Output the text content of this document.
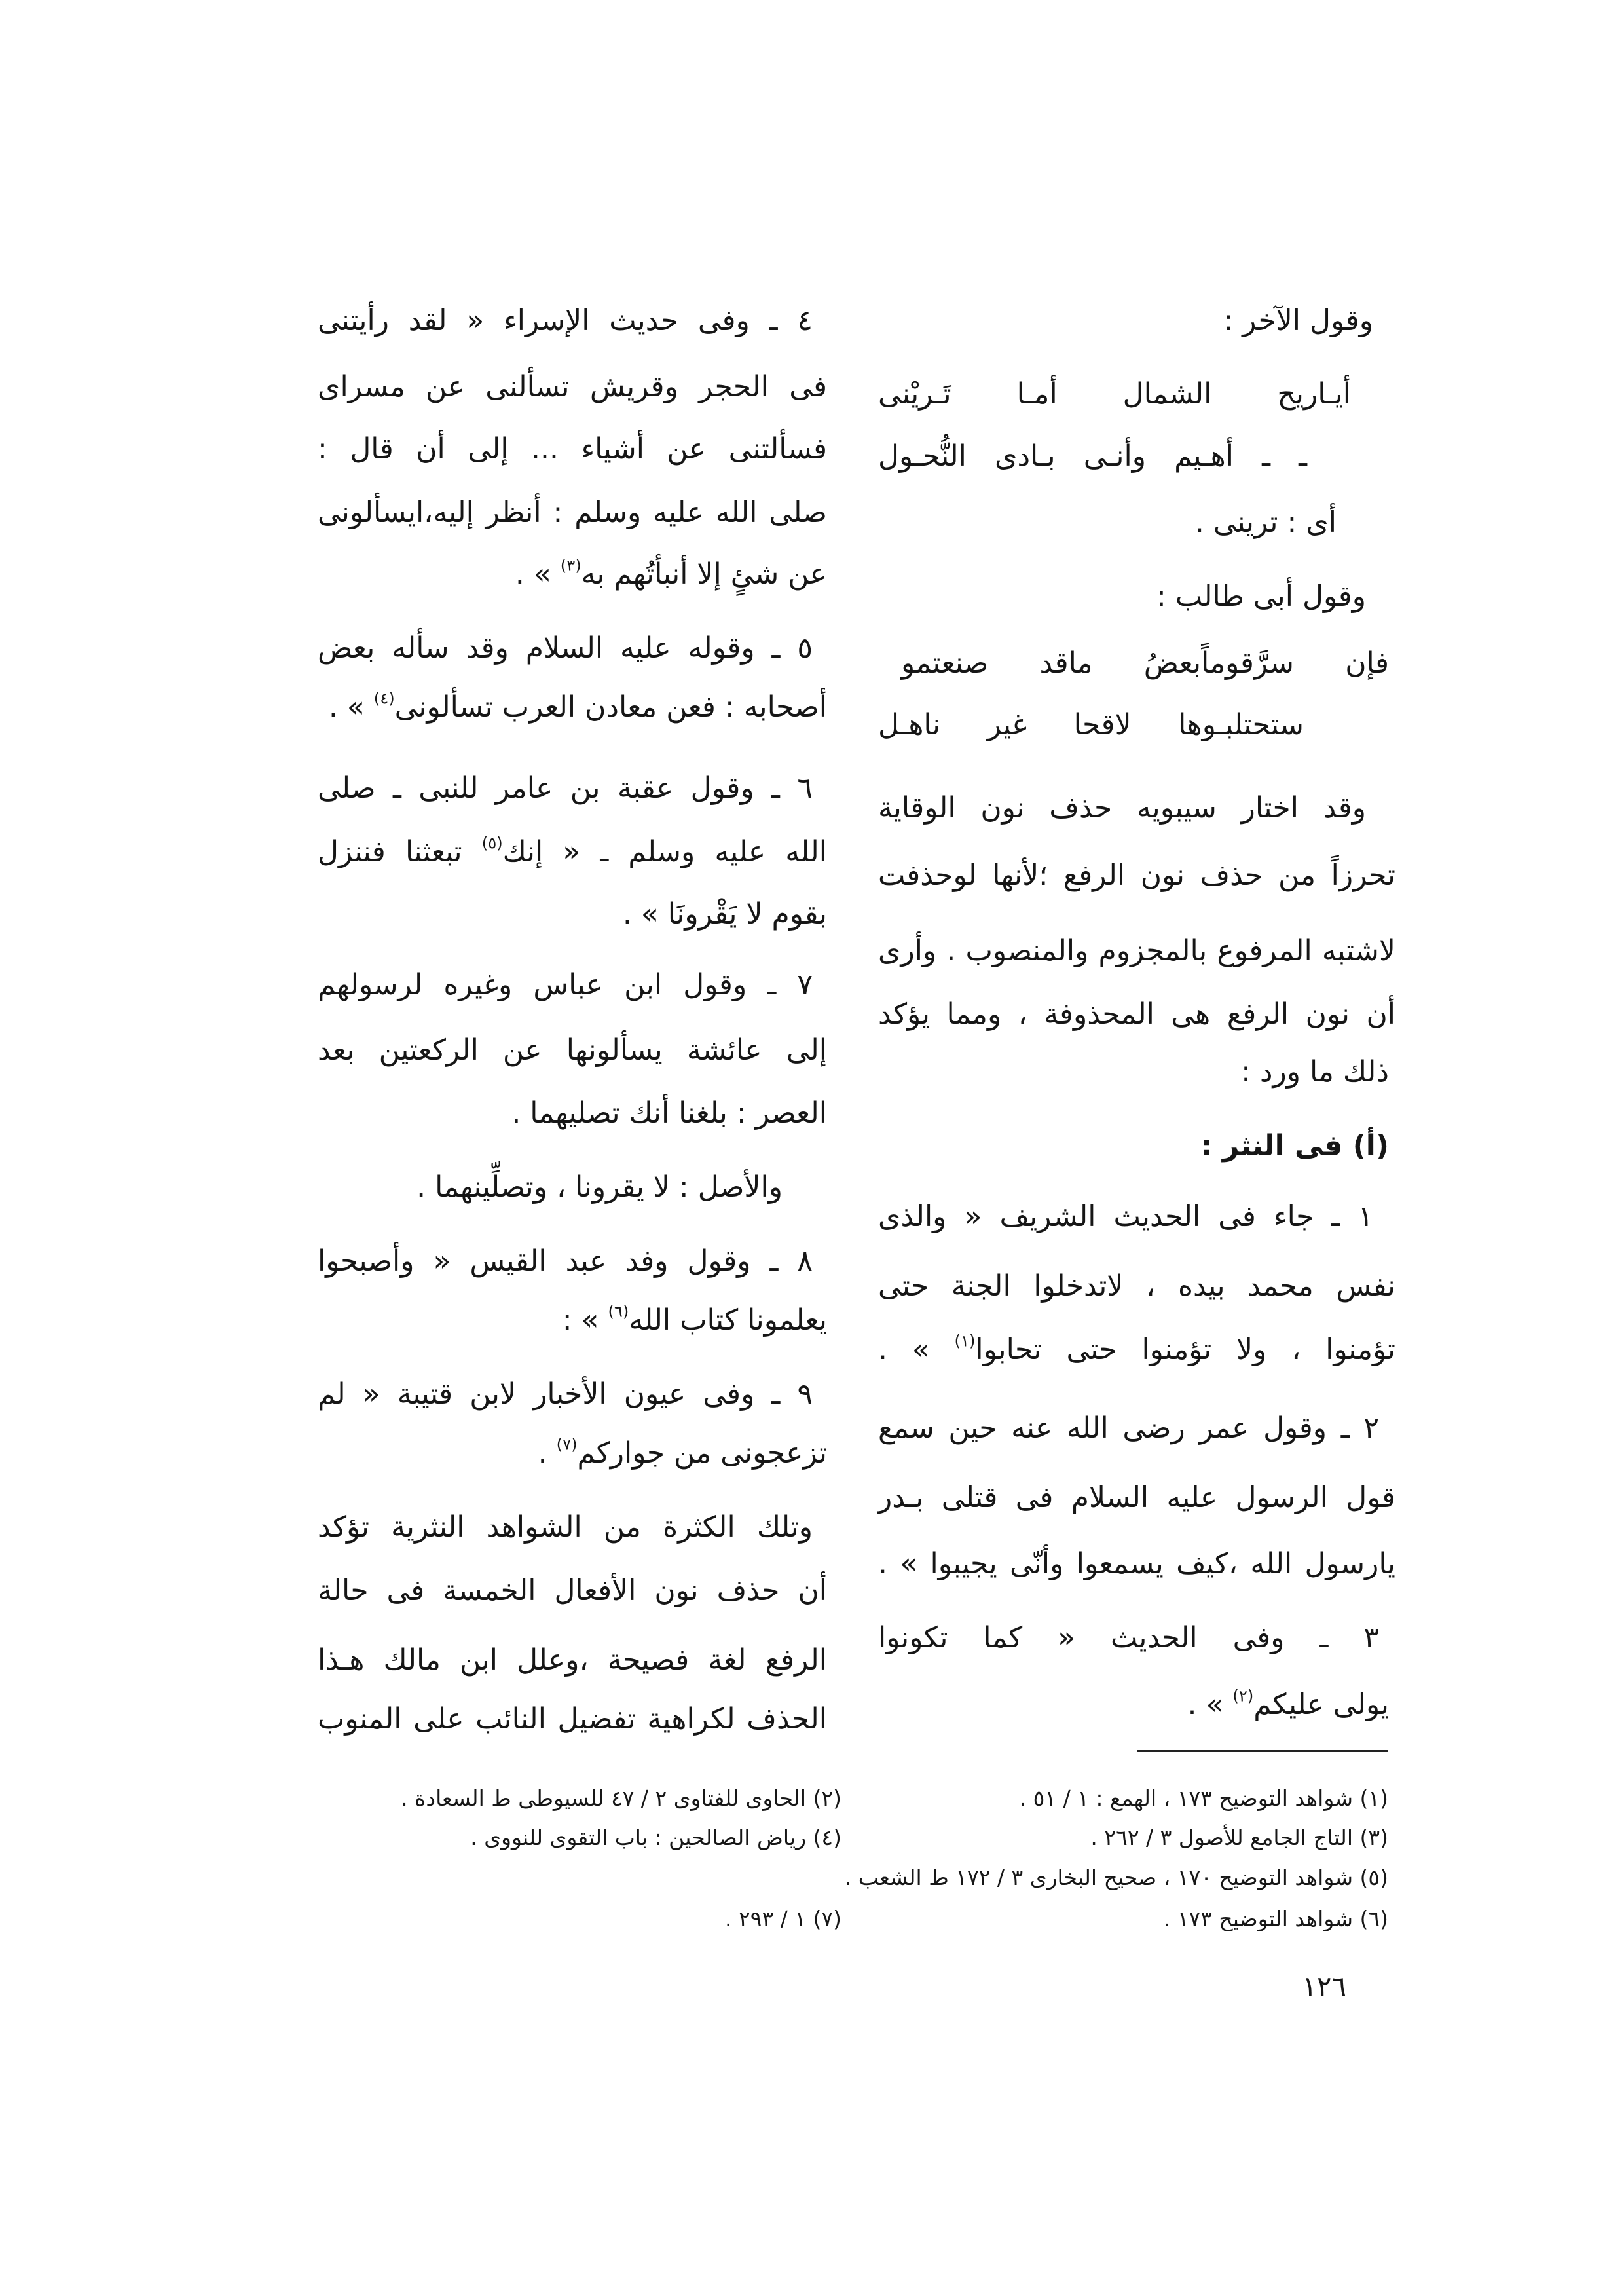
وقول الآخر :
أيـاريح الشمال أمـا تَـريْنى
ـ ـ أهـيم وأنـى بـادى النُّحـول
أى : ترينى .
وقول أبى طالب :
فإن سرَّقوماًبعضُ ماقد صنعتمو
ستحتلبـوها لاقحا غير ناهـل
وقد اختار سيبويه حذف نون الوقاية
تحرزاً من حذف نون الرفع ؛لأنها لوحذفت
لاشتبه المرفوع بالمجزوم والمنصوب . وأرى
أن نون الرفع هى المحذوفة ، ومما يؤكد
ذلك ما ورد :
(أ) فى النثر :
١ ـ جاء فى الحديث الشريف « والذى
نفس محمد بيده ، لاتدخلوا الجنة حتى
تؤمنوا ، ولا تؤمنوا حتى تحابوا$^{(١)}$ » .
٢ ـ وقول عمر رضى الله عنه حين سمع
قول الرسول عليه السلام فى قتلى بـدر
يارسول الله ،كيف يسمعوا وأنّى يجيبوا » .
٣ ـ وفى الحديث « كما تكونوا
يولى عليكم$^{(٢)}$ » .
٤ ـ وفى حديث الإسراء « لقد رأيتنى
فى الحجر وقريش تسألنى عن مسراى
فسألتنى عن أشياء ... إلى أن قال :
صلى الله عليه وسلم : أنظر إليه،ايسألونى
عن شئٍ إلا أنبأتُهم به$^{(٣)}$ » .
٥ ـ وقوله عليه السلام وقد سأله بعض
أصحابه : فعن معادن العرب تسألونى$^{(٤)}$ » .
٦ ـ وقول عقبة بن عامر للنبى ـ صلى
الله عليه وسلم ـ « إنك$^{(٥)}$ تبعثنا فننزل
بقوم لا يَقْرونَا » .
٧ ـ وقول ابن عباس وغيره لرسولهم
إلى عائشة يسألونها عن الركعتين بعد
العصر : بلغنا أنك تصليهما .
والأصل : لا يقرونا ، وتصلِّينهما .
٨ ـ وقول وفد عبد القيس « وأصبحوا
يعلمونا كتاب الله$^{(٦)}$ » :
٩ ـ وفى عيون الأخبار لابن قتيبة « لم
تزعجونى من جواركم$^{(٧)}$ .
وتلك الكثرة من الشواهد النثرية تؤكد
أن حذف نون الأفعال الخمسة فى حالة
الرفع لغة فصيحة ،وعلل ابن مالك هـذا
الحذف لكراهية تفضيل النائب على المنوب
(١) شواهد التوضيح ١٧٣ ، الهمع : ١ / ٥١ .
(٢) الحاوى للفتاوى ٢ / ٤٧ للسيوطى ط السعادة .
(٣) التاج الجامع للأصول ٣ / ٢٦٢ .
(٤) رياض الصالحين : باب التقوى للنووى .
(٥) شواهد التوضيح ١٧٠ ، صحيح البخارى ٣ / ١٧٢ ط الشعب .
(٦) شواهد التوضيح ١٧٣ .
(٧) ١ / ٢٩٣ .
١٢٦
